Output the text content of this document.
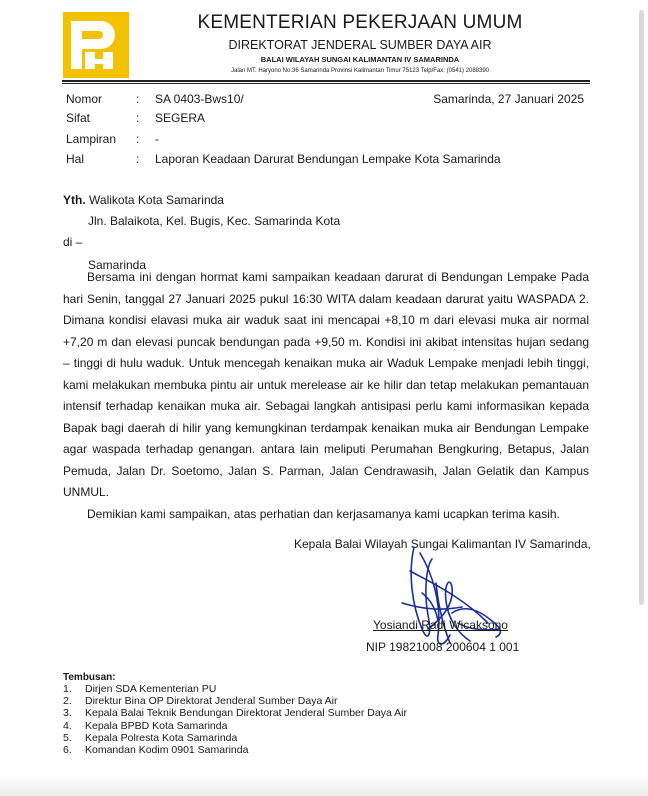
KEMENTERIAN PEKERJAAN UMUM
DIREKTORAT JENDERAL SUMBER DAYA AIR
BALAI WILAYAH SUNGAI KALIMANTAN IV SAMARINDA
Jalan MT. Haryono No.36 Samarinda Provinsi Kalimantan Timur 75123 Telp/Fax: (0541) 2088390
Nomor	: SA 0403-Bws10/	Samarinda, 27 Januari 2025
Sifat	: SEGERA
Lampiran : -
Hal	: Laporan Keadaan Darurat Bendungan Lempake Kota Samarinda
Yth. Walikota Kota Samarinda
Jln. Balaikota, Kel. Bugis, Kec. Samarinda Kota
di –
Samarinda

Bersama ini dengan hormat kami sampaikan keadaan darurat di Bendungan Lempake Pada hari Senin, tanggal 27 Januari 2025 pukul 16:30 WITA dalam keadaan darurat yaitu WASPADA 2. Dimana kondisi elavasi muka air waduk saat ini mencapai +8,10 m dari elevasi muka air normal +7,20 m dan elevasi puncak bendungan pada +9,50 m. Kondisi ini akibat intensitas hujan sedang – tinggi di hulu waduk. Untuk mencegah kenaikan muka air Waduk Lempake menjadi lebih tinggi, kami melakukan membuka pintu air untuk merelease air ke hilir dan tetap melakukan pemantauan intensif terhadap kenaikan muka air. Sebagai langkah antisipasi perlu kami informasikan kepada Bapak bagi daerah di hilir yang kemungkinan terdampak kenaikan muka air Bendungan Lempake agar waspada terhadap genangan. antara lain meliputi Perumahan Bengkuring, Betapus, Jalan Pemuda, Jalan Dr. Soetomo, Jalan S. Parman, Jalan Cendrawasih, Jalan Gelatik dan Kampus UNMUL.

Demikian kami sampaikan, atas perhatian dan kerjasamanya kami ucapkan terima kasih.

Kepala Balai Wilayah Sungai Kalimantan IV Samarinda,
Yosiandi Radi Wicaksono
NIP 19821008 200604 1 001
Tembusan:
1. Dirjen SDA Kementerian PU
2. Direktur Bina OP Direktorat Jenderal Sumber Daya Air
3. Kepala Balai Teknik Bendungan Direktorat Jenderal Sumber Daya Air
4. Kepala BPBD Kota Samarinda
5. Kepala Polresta Kota Samarinda
6. Komandan Kodim 0901 Samarinda
